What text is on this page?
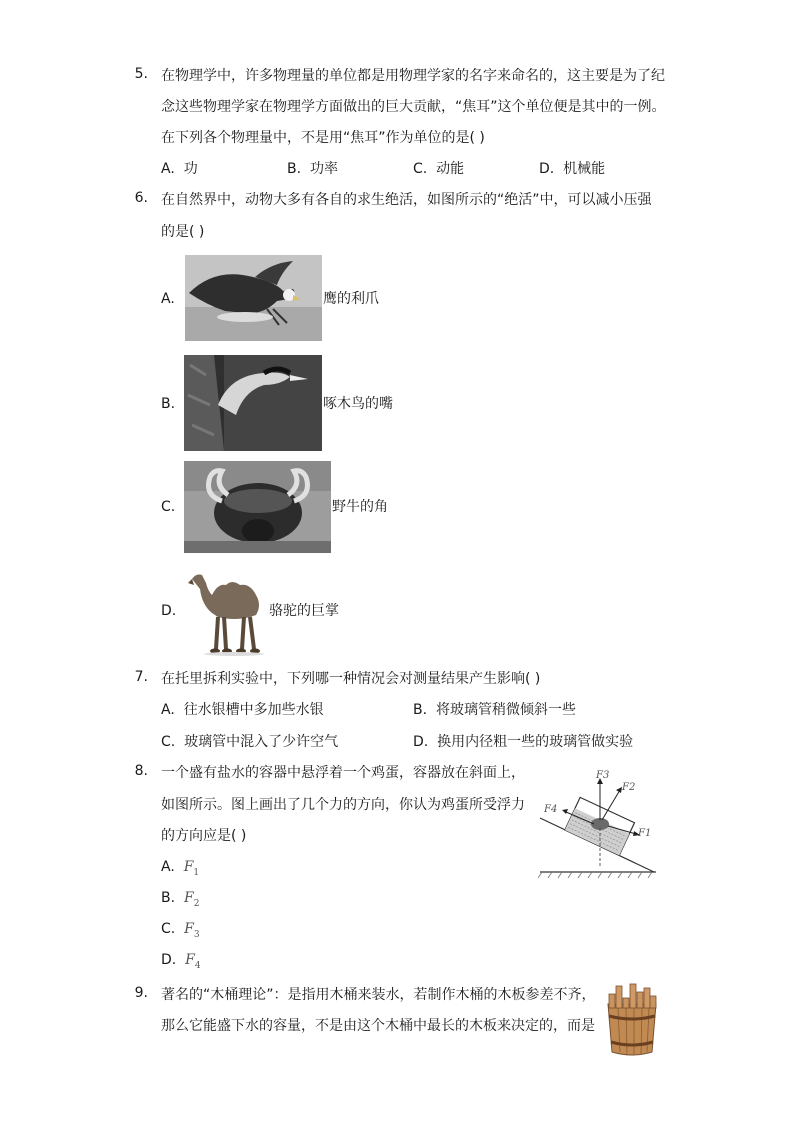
5. 在物理学中，许多物理量的单位都是用物理学家的名字来命名的，这主要是为了纪
念这些物理学家在物理学方面做出的巨大贡献，“焦耳”这个单位便是其中的一例。
在下列各个物理量中，不是用“焦耳”作为单位的是( )
A. 功	B. 功率	C. 动能	D. 机械能
6. 在自然界中，动物大多有各自的求生绝活，如图所示的“绝活”中，可以减小压强
的是( )
A.	鹰的利爪
B.	啄木鸟的嘴
C.	野牛的角
D.	骆驼的巨掌
7. 在托里拆利实验中，下列哪一种情况会对测量结果产生影响( )
A. 往水银槽中多加些水银	B. 将玻璃管稍微倾斜一些
C. 玻璃管中混入了少许空气	D. 换用内径粗一些的玻璃管做实验
8. 一个盛有盐水的容器中悬浮着一个鸡蛋，容器放在斜面上，
如图所示。图上画出了几个力的方向，你认为鸡蛋所受浮力
的方向应是( )
A. $F_1$
B. $F_2$
C. $F_3$
D. $F_4$
F3
F2
F4
F1
9. 著名的“木桶理论”：是指用木桶来装水，若制作木桶的木板参差不齐，
那么它能盛下水的容量，不是由这个木桶中最长的木板来决定的，而是
